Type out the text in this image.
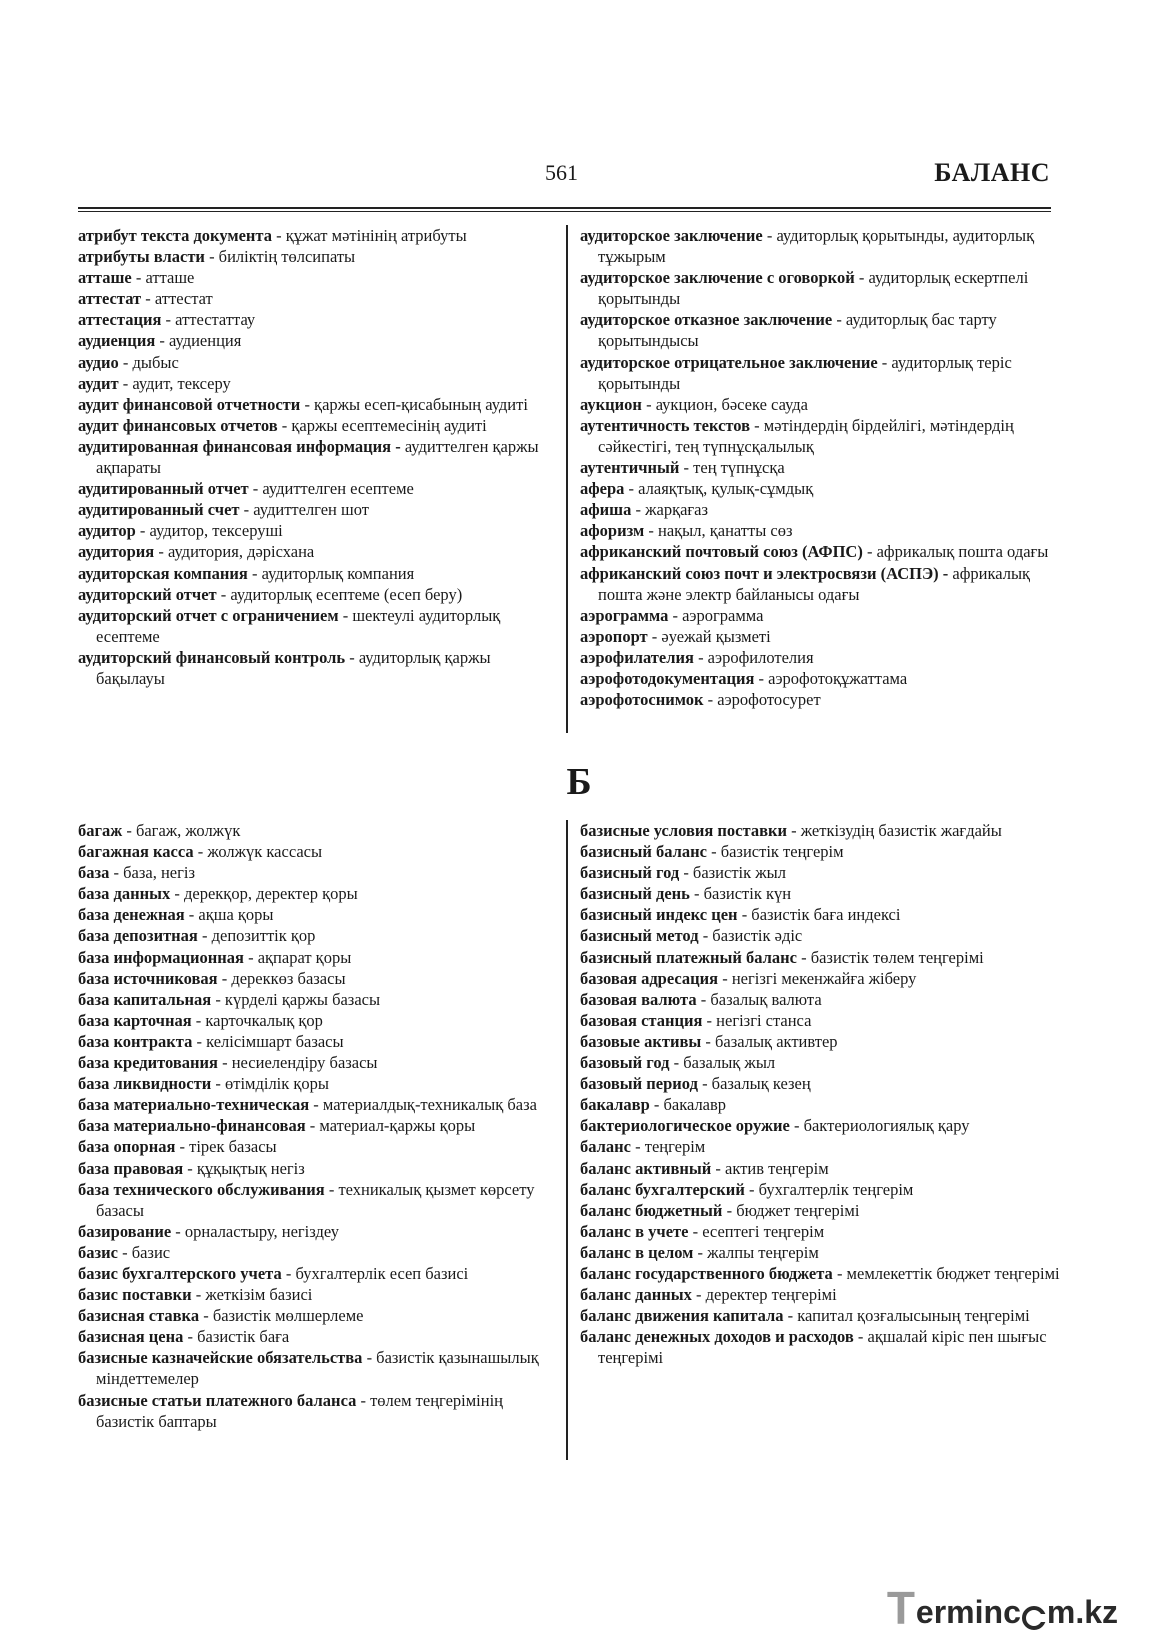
561	БАЛАНС
атрибут текста документа - құжат мәтінінің атрибуты
атрибуты власти - биліктің төлсипаты
атташе - атташе
аттестат - аттестат
аттестация - аттестаттау
аудиенция - аудиенция
аудио - дыбыс
аудит - аудит, тексеру
аудит финансовой отчетности - қаржы есеп-қисабының аудиті
аудит финансовых отчетов - қаржы есептемесінің аудиті
аудитированная финансовая информация - аудиттелген қаржы ақпараты
аудитированный отчет - аудиттелген есептеме
аудитированный счет - аудиттелген шот
аудитор - аудитор, тексеруші
аудитория - аудитория, дәрісхана
аудиторская компания - аудиторлық компания
аудиторский отчет - аудиторлық есептеме (есеп беру)
аудиторский отчет с ограничением - шектеулі аудиторлық есептеме
аудиторский финансовый контроль - аудиторлық қаржы бақылауы
аудиторское заключение - аудиторлық қорытынды, аудиторлық тұжырым
аудиторское заключение с оговоркой - аудиторлық ескертпелі қорытынды
аудиторское отказное заключение - аудиторлық бас тарту қорытындысы
аудиторское отрицательное заключение - аудиторлық теріс қорытынды
аукцион - аукцион, бәсеке сауда
аутентичность текстов - мәтіндердің бірдейлігі, мәтіндердің сәйкестігі, тең түпнұсқалылық
аутентичный - тең түпнұсқа
афера - алаяқтық, қулық-сұмдық
афиша - жарқағаз
афоризм - нақыл, қанатты сөз
африканский почтовый союз (АФПС) - африкалық пошта одағы
африканский союз почт и электросвязи (АСПЭ) - африкалық пошта және электр байланысы одағы
аэрограмма - аэрограмма
аэропорт - әуежай қызметі
аэрофилателия - аэрофилотелия
аэрофотодокументация - аэрофотоқұжаттама
аэрофотоснимок - аэрофотосурет
Б
багаж - багаж, жолжүк
багажная касса - жолжүк кассасы
база - база, негіз
база данных - дерекқор, деректер қоры
база денежная - ақша қоры
база депозитная - депозиттік қор
база информационная - ақпарат қоры
база источниковая - дереккөз базасы
база капитальная - күрделі қаржы базасы
база карточная - карточкалық қор
база контракта - келісімшарт базасы
база кредитования - несиелендіру базасы
база ликвидности - өтімділік қоры
база материально-техническая - материалдық-техникалық база
база материально-финансовая - материал-қаржы қоры
база опорная - тірек базасы
база правовая - құқықтық негіз
база технического обслуживания - техникалық қызмет көрсету базасы
базирование - орналастыру, негіздеу
базис - базис
базис бухгалтерского учета - бухгалтерлік есеп базисі
базис поставки - жеткізім базисі
базисная ставка - базистік мөлшерлеме
базисная цена - базистік баға
базисные казначейские обязательства - базистік қазынашылық міндеттемелер
базисные статьи платежного баланса - төлем теңгерімінің базистік баптары
базисные условия поставки - жеткізудің базистік жағдайы
базисный баланс - базистік теңгерім
базисный год - базистік жыл
базисный день - базистік күн
базисный индекс цен - базистік баға индексі
базисный метод - базистік әдіс
базисный платежный баланс - базистік төлем теңгерімі
базовая адресация - негізгі мекенжайға жіберу
базовая валюта - базалық валюта
базовая станция - негізгі станса
базовые активы - базалық активтер
базовый год - базалық жыл
базовый период - базалық кезең
бакалавр - бакалавр
бактериологическое оружие - бактериологиялық қару
баланс - теңгерім
баланс активный - актив теңгерім
баланс бухгалтерский - бухгалтерлік теңгерім
баланс бюджетный - бюджет теңгерімі
баланс в учете - есептегі теңгерім
баланс в целом - жалпы теңгерім
баланс государственного бюджета - мемлекеттік бюджет теңгерімі
баланс данных - деректер теңгерімі
баланс движения капитала - капитал қозғалысының теңгерімі
баланс денежных доходов и расходов - ақшалай кіріс пен шығыс теңгерімі
T erminc m.kz
